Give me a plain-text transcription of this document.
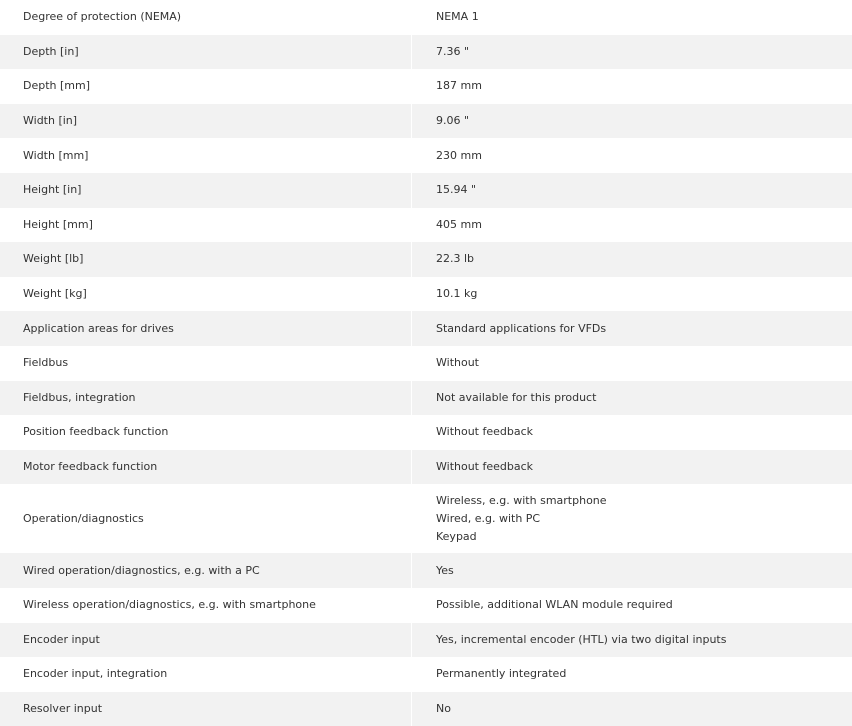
Degree of protection (NEMA)		NEMA 1

Depth [in]		7.36 "

Depth [mm]		187 mm

Width [in]		9.06 "

Width [mm]		230 mm

Height [in]		15.94 "

Height [mm]		405 mm

Weight [lb]		22.3 lb

Weight [kg]		10.1 kg

Application areas for drives		Standard applications for VFDs

Fieldbus		Without

Fieldbus, integration		Not available for this product

Position feedback function		Without feedback

Motor feedback function		Without feedback

Operation/diagnostics		Wireless, e.g. with smartphone
Wired, e.g. with PC
Keypad

Wired operation/diagnostics, e.g. with a PC		Yes

Wireless operation/diagnostics, e.g. with smartphone		Possible, additional WLAN module required

Encoder input		Yes, incremental encoder (HTL) via two digital inputs

Encoder input, integration		Permanently integrated

Resolver input		No
